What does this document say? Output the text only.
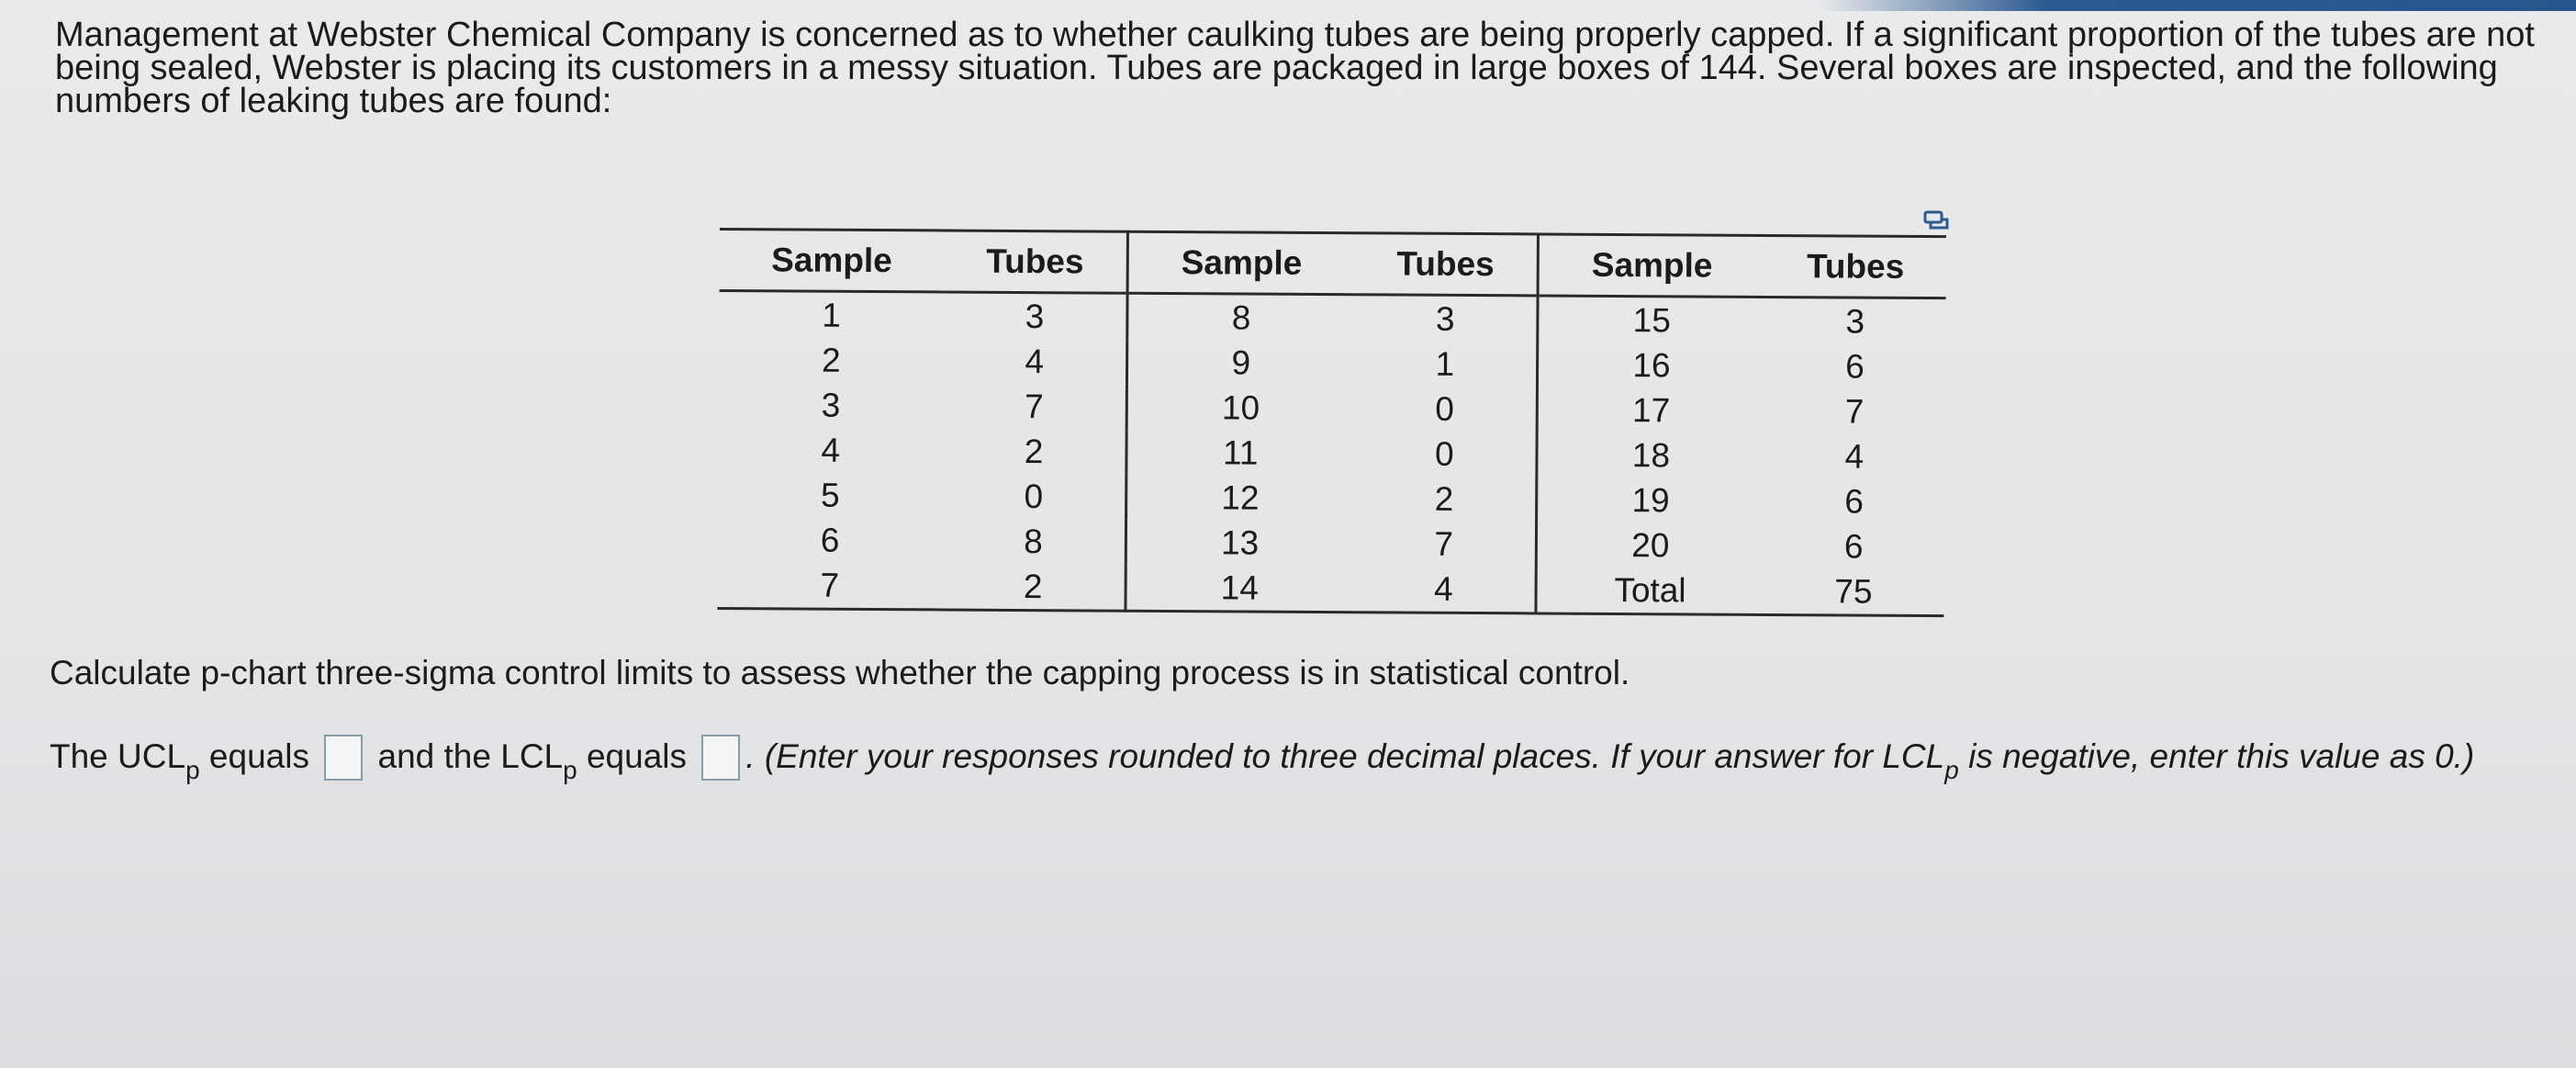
Management at Webster Chemical Company is concerned as to whether caulking tubes are being properly capped. If a significant proportion of the tubes are not being sealed, Webster is placing its customers in a messy situation. Tubes are packaged in large boxes of 144. Several boxes are inspected, and the following numbers of leaking tubes are found:

Sample	Tubes	Sample	Tubes	Sample	Tubes
1	3	8	3	15	3
2	4	9	1	16	6
3	7	10	0	17	7
4	2	11	0	18	4
5	0	12	2	19	6
6	8	13	7	20	6
7	2	14	4	Total	75

Calculate p-chart three-sigma control limits to assess whether the capping process is in statistical control.

The $UCL_p$ equals and the $LCL_p$ equals . (Enter your responses rounded to three decimal places. If your answer for $LCL_p$ is negative, enter this value as 0.)
